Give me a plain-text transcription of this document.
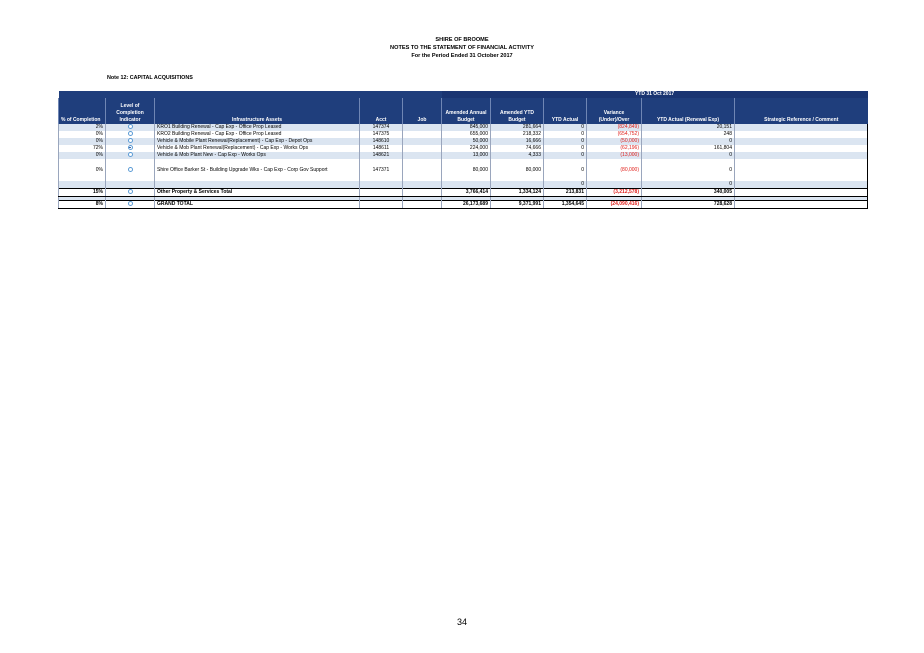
SHIRE OF BROOME
NOTES TO THE STATEMENT OF FINANCIAL ACTIVITY
For the Period Ended 31 October 2017
Note 12: CAPITAL ACQUISITIONS
					YTD 31 Oct 2017					
% of Completion	Level of Completion Indicator	Infrastructure Assets	Acct	Job	Amended Annual Budget	Amended YTD Budget	YTD Actual	Variance (Under)/Over	YTD Actual (Renewal Exp)	Strategic Reference / Comment
2%		KRO1 Building Renewal - Cap Exp - Office Prop Leased	147374		845,000	281,664	0	(824,849)	20,151	
0%		KRO2 Building Renewal - Cap Exp - Office Prop Leased	147375		655,000	218,332	0	(654,752)	248	
0%		Vehicle & Mobile Plant Renewal(Replacement) - Cap Exp - Depot Ops	148610		50,000	16,666	0	(50,000)	0	
72%		Vehicle & Mob Plant Renewal(Replacement) - Cap Exp - Works Ops	148611		224,000	74,666	0	(62,196)	161,804	
0%		Vehicle & Mob Plant New - Cap Exp - Works Ops	148621		13,000	4,333	0	(13,000)	0	
0%		Shire Office Barker St - Building Upgrade Wks - Cap Exp - Corp Gov Support	147371		80,000	80,000	0	(80,000)	0	
							0		0	
15%		Other Property & Services Total			3,766,414	1,334,124	213,831	(3,212,578)	340,005	

8%		GRAND TOTAL			26,173,689	9,371,991	1,354,645	(24,090,416)	728,628	
34
